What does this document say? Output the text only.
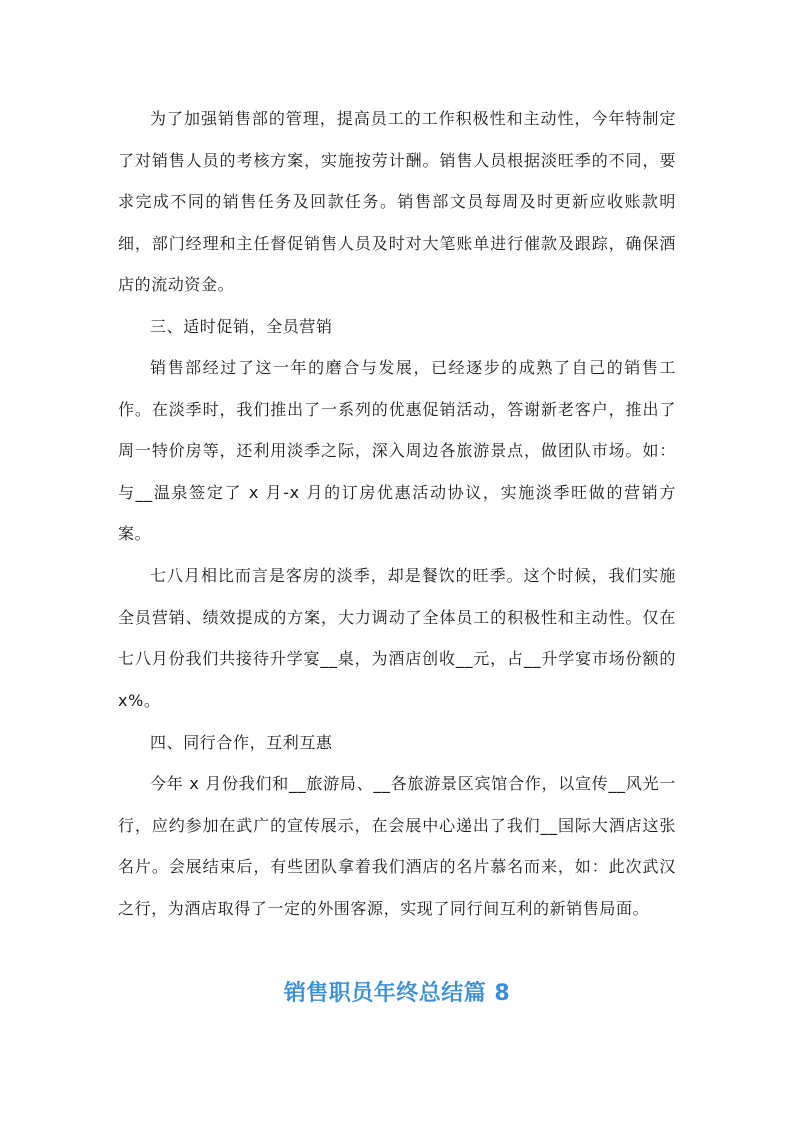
为了加强销售部的管理，提高员工的工作积极性和主动性，今年特制定了对销售人员的考核方案，实施按劳计酬。销售人员根据淡旺季的不同，要求完成不同的销售任务及回款任务。销售部文员每周及时更新应收账款明细，部门经理和主任督促销售人员及时对大笔账单进行催款及跟踪，确保酒店的流动资金。

三、适时促销，全员营销

销售部经过了这一年的磨合与发展，已经逐步的成熟了自己的销售工作。在淡季时，我们推出了一系列的优惠促销活动，答谢新老客户，推出了周一特价房等，还利用淡季之际，深入周边各旅游景点，做团队市场。如：与__温泉签定了 x 月-x 月的订房优惠活动协议，实施淡季旺做的营销方案。

七八月相比而言是客房的淡季，却是餐饮的旺季。这个时候，我们实施全员营销、绩效提成的方案，大力调动了全体员工的积极性和主动性。仅在七八月份我们共接待升学宴__桌，为酒店创收__元，占__升学宴市场份额的 x%。

四、同行合作，互利互惠

今年 x 月份我们和__旅游局、__各旅游景区宾馆合作，以宣传__风光一行，应约参加在武广的宣传展示，在会展中心递出了我们__国际大酒店这张名片。会展结束后，有些团队拿着我们酒店的名片慕名而来，如：此次武汉之行，为酒店取得了一定的外围客源，实现了同行间互利的新销售局面。

销售职员年终总结篇 8
